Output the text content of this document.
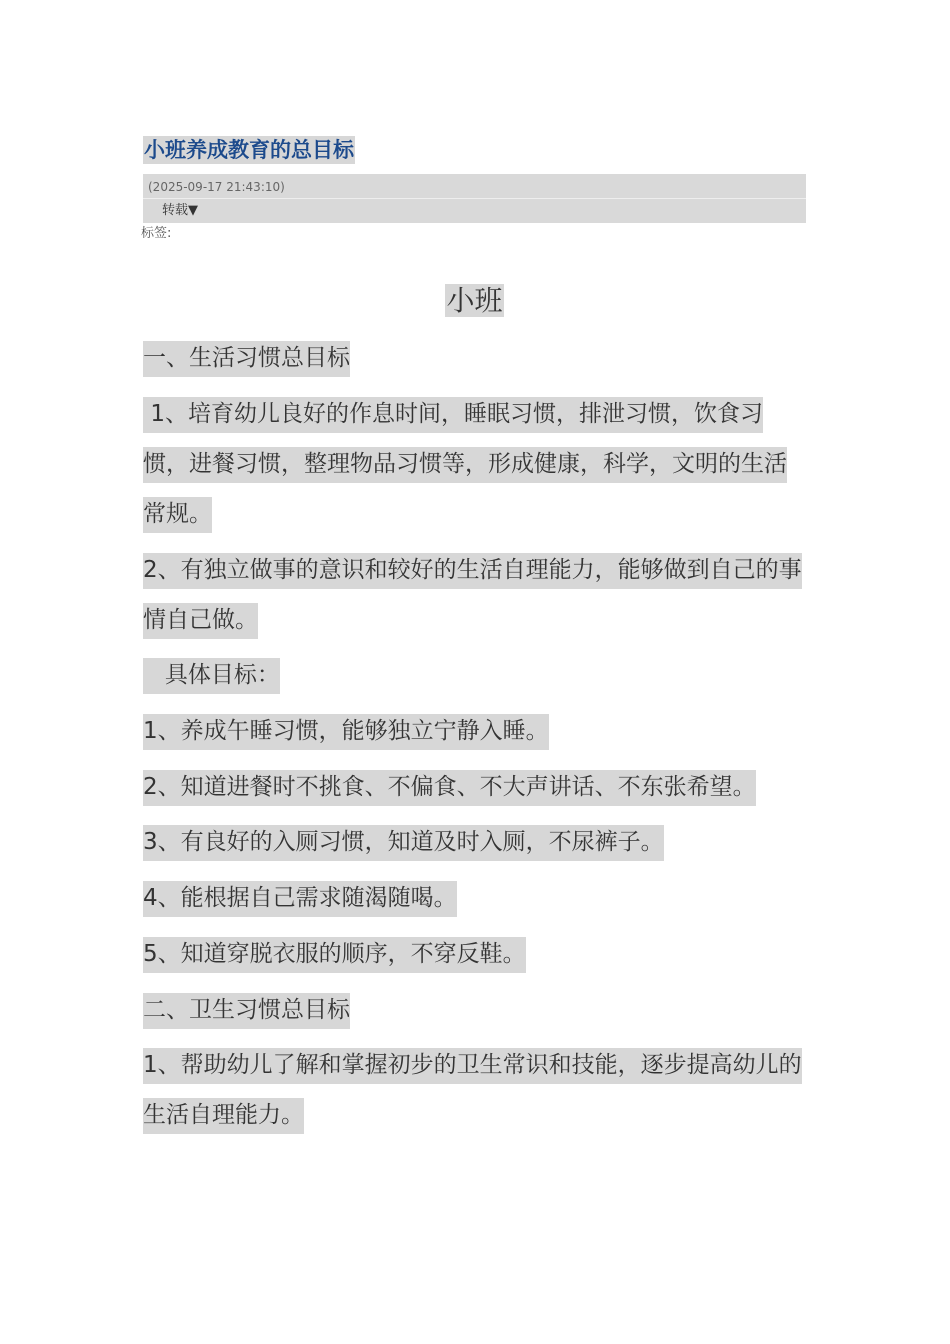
小班养成教育的总目标
(2025-09-17 21:43:10)
转载▼
标签:
小班

一、生活习惯总目标

1、培育幼儿良好的作息时间，睡眠习惯，排泄习惯，饮食习惯，进餐习惯，整理物品习惯等，形成健康，科学，文明的生活常规。

2、有独立做事的意识和较好的生活自理能力，能够做到自己的事情自己做。

具体目标：

1、养成午睡习惯，能够独立宁静入睡。

2、知道进餐时不挑食、不偏食、不大声讲话、不东张希望。

3、有良好的入厕习惯，知道及时入厕，不尿裤子。

4、能根据自己需求随渴随喝。

5、知道穿脱衣服的顺序，不穿反鞋。

二、卫生习惯总目标

1、帮助幼儿了解和掌握初步的卫生常识和技能，逐步提高幼儿的生活自理能力。
